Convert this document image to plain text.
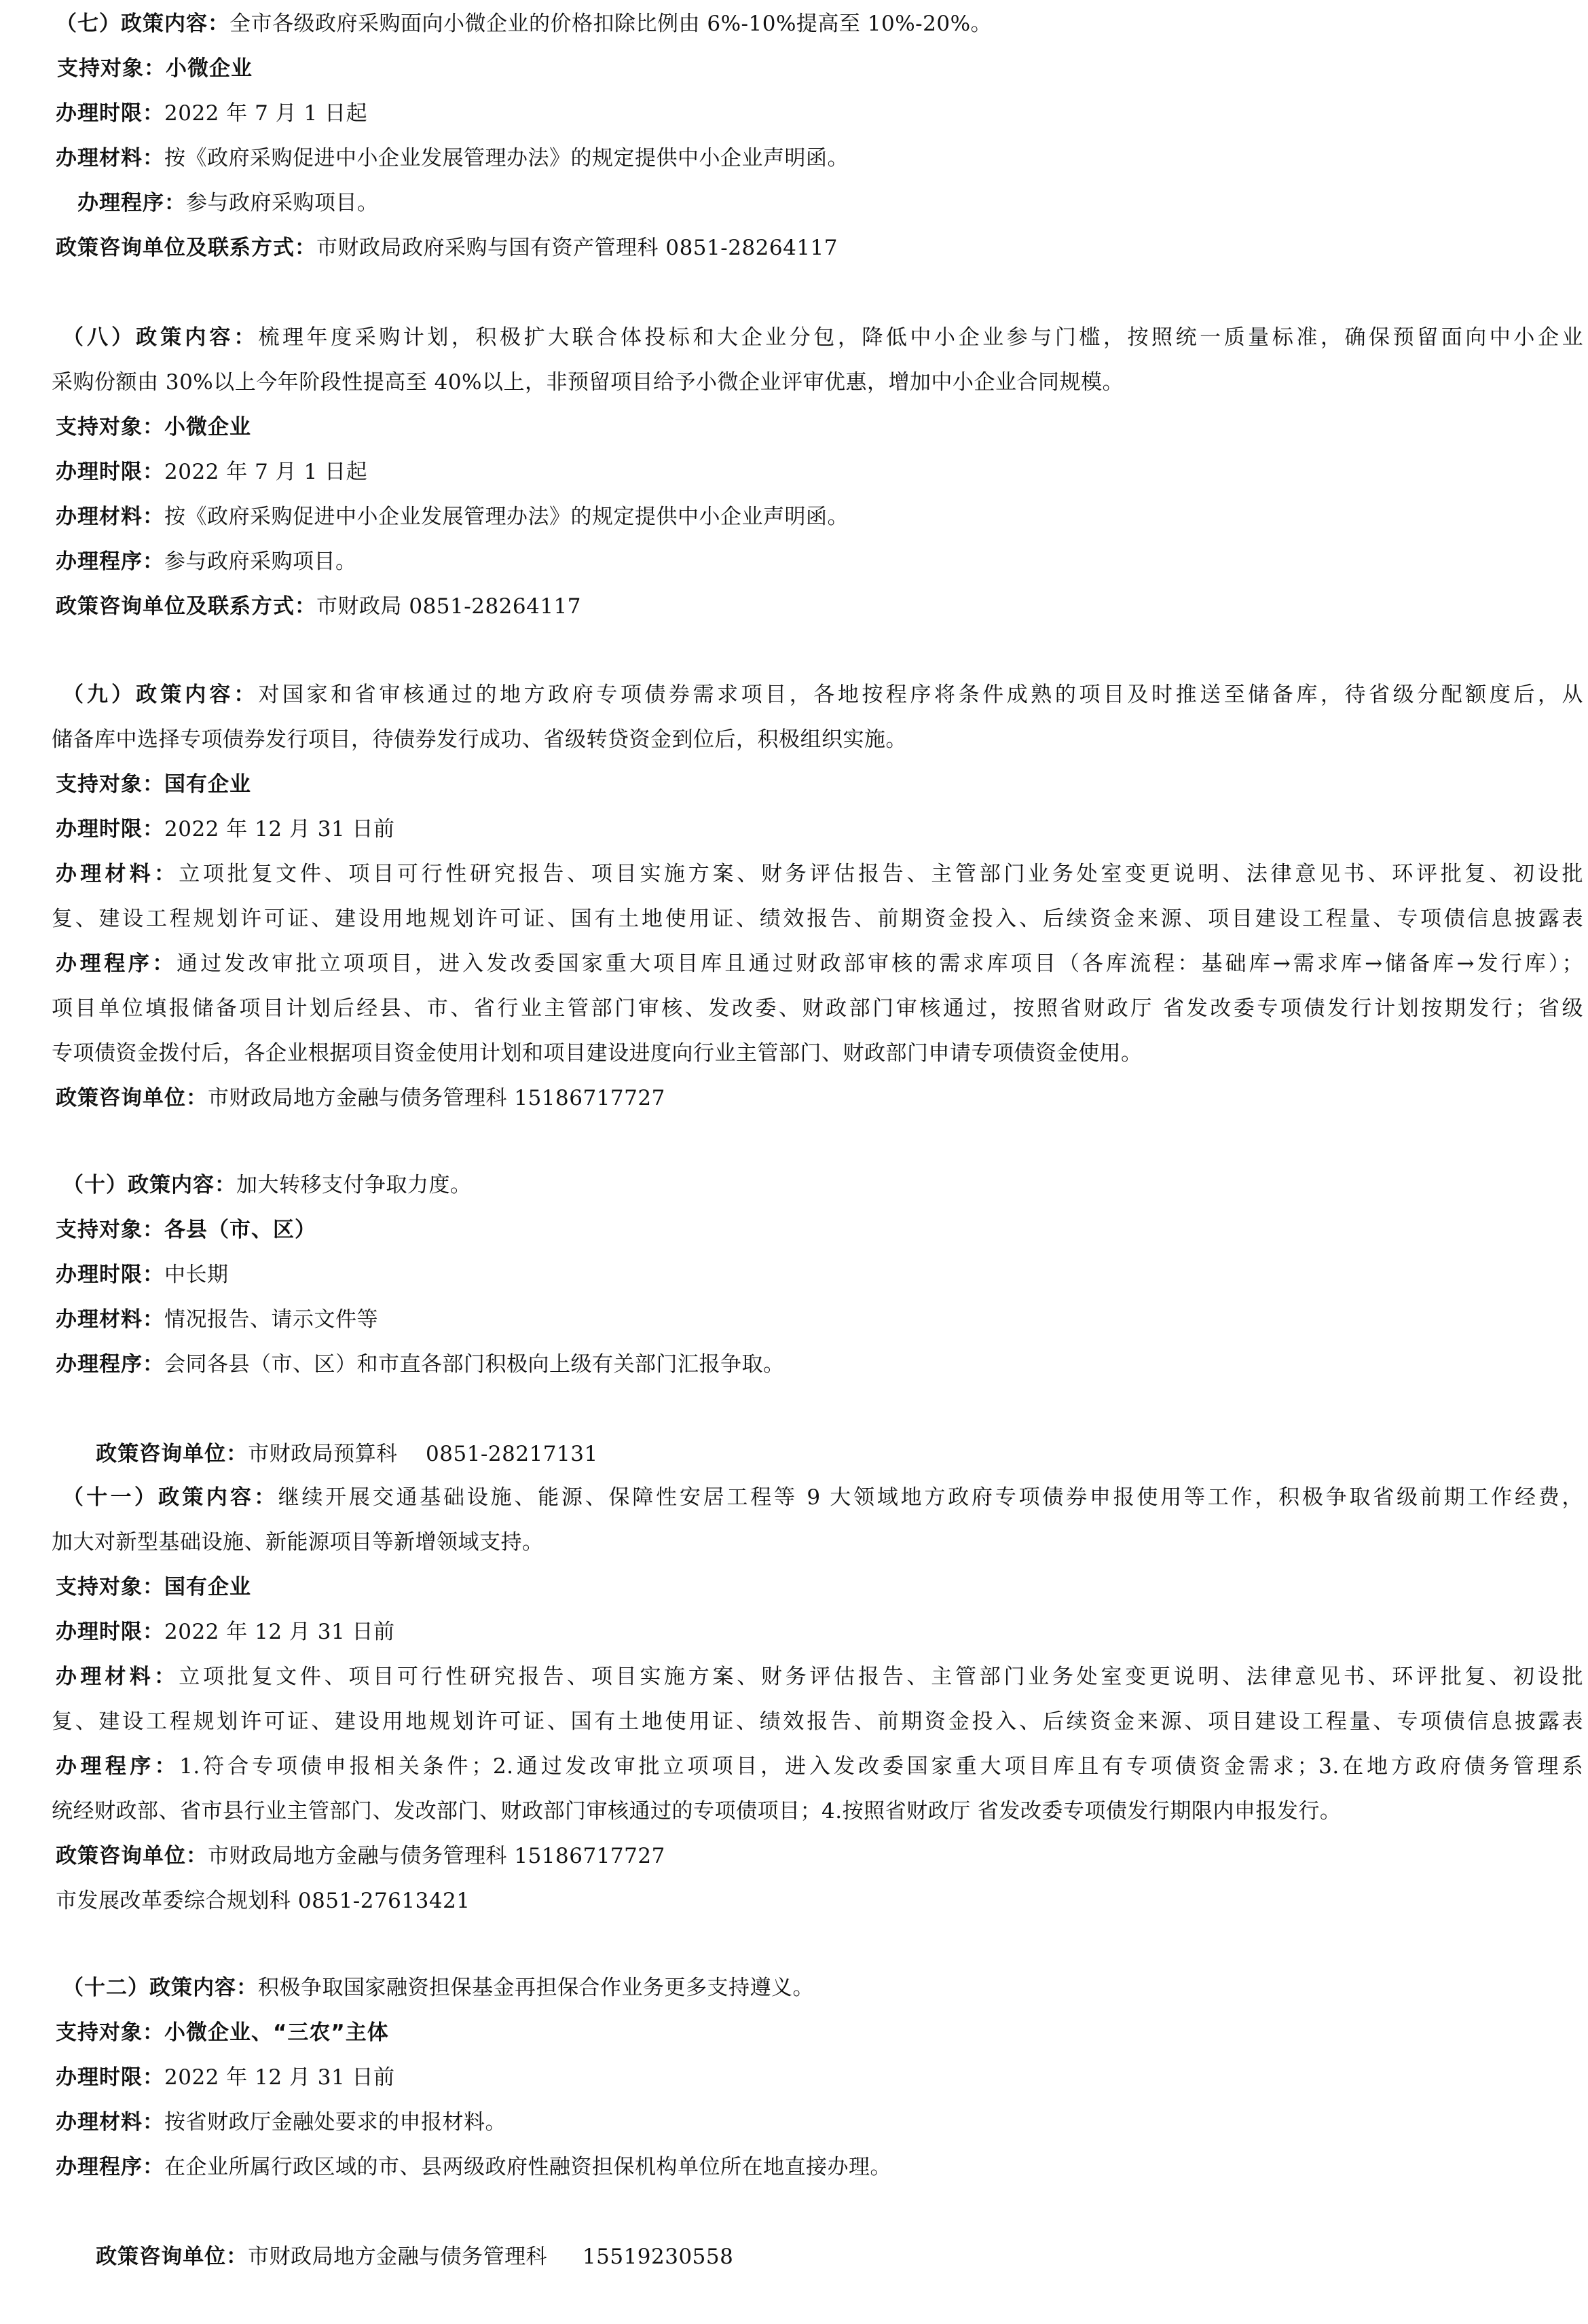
（七）政策内容：全市各级政府采购面向小微企业的价格扣除比例由 6%-10%提高至 10%-20%。
支持对象：小微企业
办理时限：2022 年 7 月 1 日起
办理材料：按《政府采购促进中小企业发展管理办法》的规定提供中小企业声明函。
办理程序：参与政府采购项目。
政策咨询单位及联系方式：市财政局政府采购与国有资产管理科 0851-28264117
（八）政策内容：梳理年度采购计划，积极扩大联合体投标和大企业分包，降低中小企业参与门槛，按照统一质量标准，确保预留面向中小企业
采购份额由 30%以上今年阶段性提高至 40%以上，非预留项目给予小微企业评审优惠，增加中小企业合同规模。
支持对象：小微企业
办理时限：2022 年 7 月 1 日起
办理材料：按《政府采购促进中小企业发展管理办法》的规定提供中小企业声明函。
办理程序：参与政府采购项目。
政策咨询单位及联系方式：市财政局 0851-28264117
（九）政策内容：对国家和省审核通过的地方政府专项债券需求项目，各地按程序将条件成熟的项目及时推送至储备库，待省级分配额度后，从
储备库中选择专项债券发行项目，待债券发行成功、省级转贷资金到位后，积极组织实施。
支持对象：国有企业
办理时限：2022 年 12 月 31 日前
办理材料：立项批复文件、项目可行性研究报告、项目实施方案、财务评估报告、主管部门业务处室变更说明、法律意见书、环评批复、初设批
复、建设工程规划许可证、建设用地规划许可证、国有土地使用证、绩效报告、前期资金投入、后续资金来源、项目建设工程量、专项债信息披露表
办理程序：通过发改审批立项项目，进入发改委国家重大项目库且通过财政部审核的需求库项目（各库流程：基础库→需求库→储备库→发行库）；
项目单位填报储备项目计划后经县、市、省行业主管部门审核、发改委、财政部门审核通过，按照省财政厅 省发改委专项债发行计划按期发行；省级
专项债资金拨付后，各企业根据项目资金使用计划和项目建设进度向行业主管部门、财政部门申请专项债资金使用。
政策咨询单位：市财政局地方金融与债务管理科 15186717727
（十）政策内容：加大转移支付争取力度。
支持对象：各县（市、区）
办理时限：中长期
办理材料：情况报告、请示文件等
办理程序：会同各县（市、区）和市直各部门积极向上级有关部门汇报争取。

政策咨询单位：市财政局预算科    0851-28217131

（十一）政策内容：继续开展交通基础设施、能源、保障性安居工程等 9 大领域地方政府专项债券申报使用等工作，积极争取省级前期工作经费，
加大对新型基础设施、新能源项目等新增领域支持。
支持对象：国有企业
办理时限：2022 年 12 月 31 日前
办理材料：立项批复文件、项目可行性研究报告、项目实施方案、财务评估报告、主管部门业务处室变更说明、法律意见书、环评批复、初设批
复、建设工程规划许可证、建设用地规划许可证、国有土地使用证、绩效报告、前期资金投入、后续资金来源、项目建设工程量、专项债信息披露表
办理程序：1.符合专项债申报相关条件；2.通过发改审批立项项目，进入发改委国家重大项目库且有专项债资金需求；3.在地方政府债务管理系
统经财政部、省市县行业主管部门、发改部门、财政部门审核通过的专项债项目；4.按照省财政厅 省发改委专项债发行期限内申报发行。
政策咨询单位：市财政局地方金融与债务管理科 15186717727
市发展改革委综合规划科 0851-27613421
（十二）政策内容：积极争取国家融资担保基金再担保合作业务更多支持遵义。
支持对象：小微企业、“三农”主体
办理时限：2022 年 12 月 31 日前
办理材料：按省财政厅金融处要求的申报材料。
办理程序：在企业所属行政区域的市、县两级政府性融资担保机构单位所在地直接办理。

政策咨询单位：市财政局地方金融与债务管理科     15519230558
